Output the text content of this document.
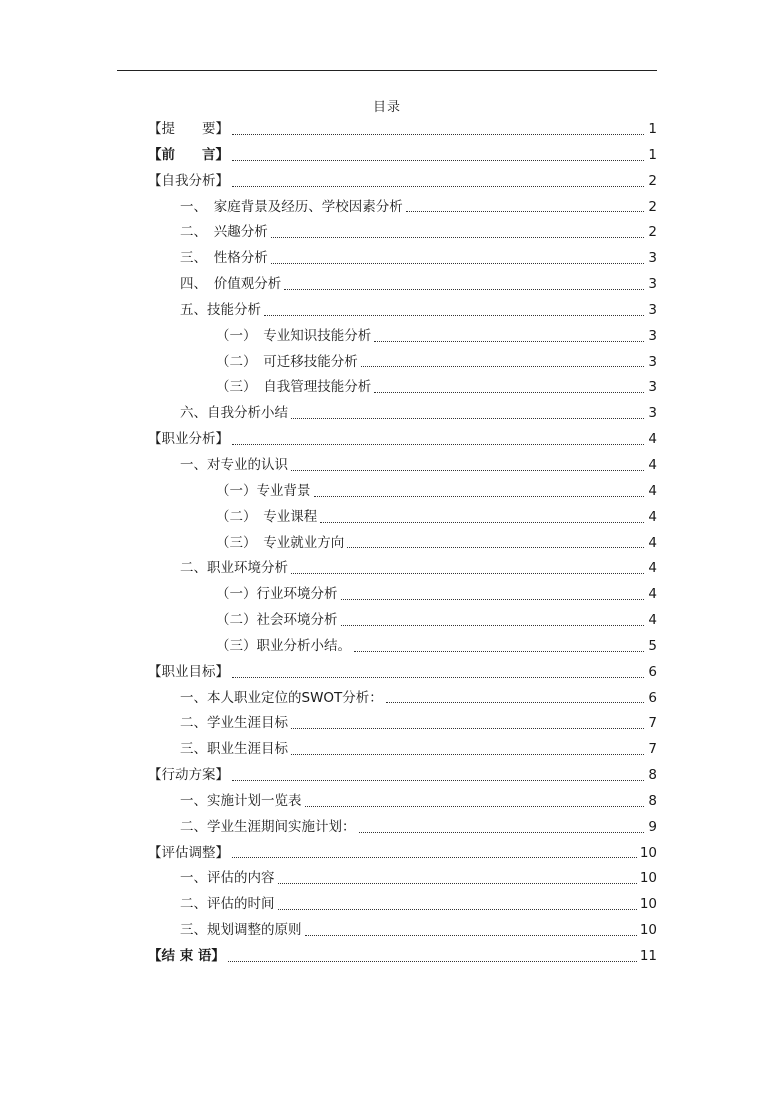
目录
【提　　要】	1
【前　　言】	1
【自我分析】	2
一、　家庭背景及经历、学校因素分析	2
二、　兴趣分析	2
三、　性格分析	3
四、　价值观分析	3
五、技能分析	3
（一）　专业知识技能分析	3
（二）　可迁移技能分析	3
（三）　自我管理技能分析	3
六、自我分析小结	3
【职业分析】	4
一、对专业的认识	4
（一）专业背景	4
（二）　专业课程	4
（三）　专业就业方向	4
二、职业环境分析	4
（一）行业环境分析	4
（二）社会环境分析	4
（三）职业分析小结。	5
【职业目标】	6
一、本人职业定位的SWOT分析：	6
二、学业生涯目标	7
三、职业生涯目标	7
【行动方案】	8
一、实施计划一览表	8
二、学业生涯期间实施计划：	9
【评估调整】	10
一、评估的内容	10
二、评估的时间	10
三、规划调整的原则	10
【结 束 语】	11
